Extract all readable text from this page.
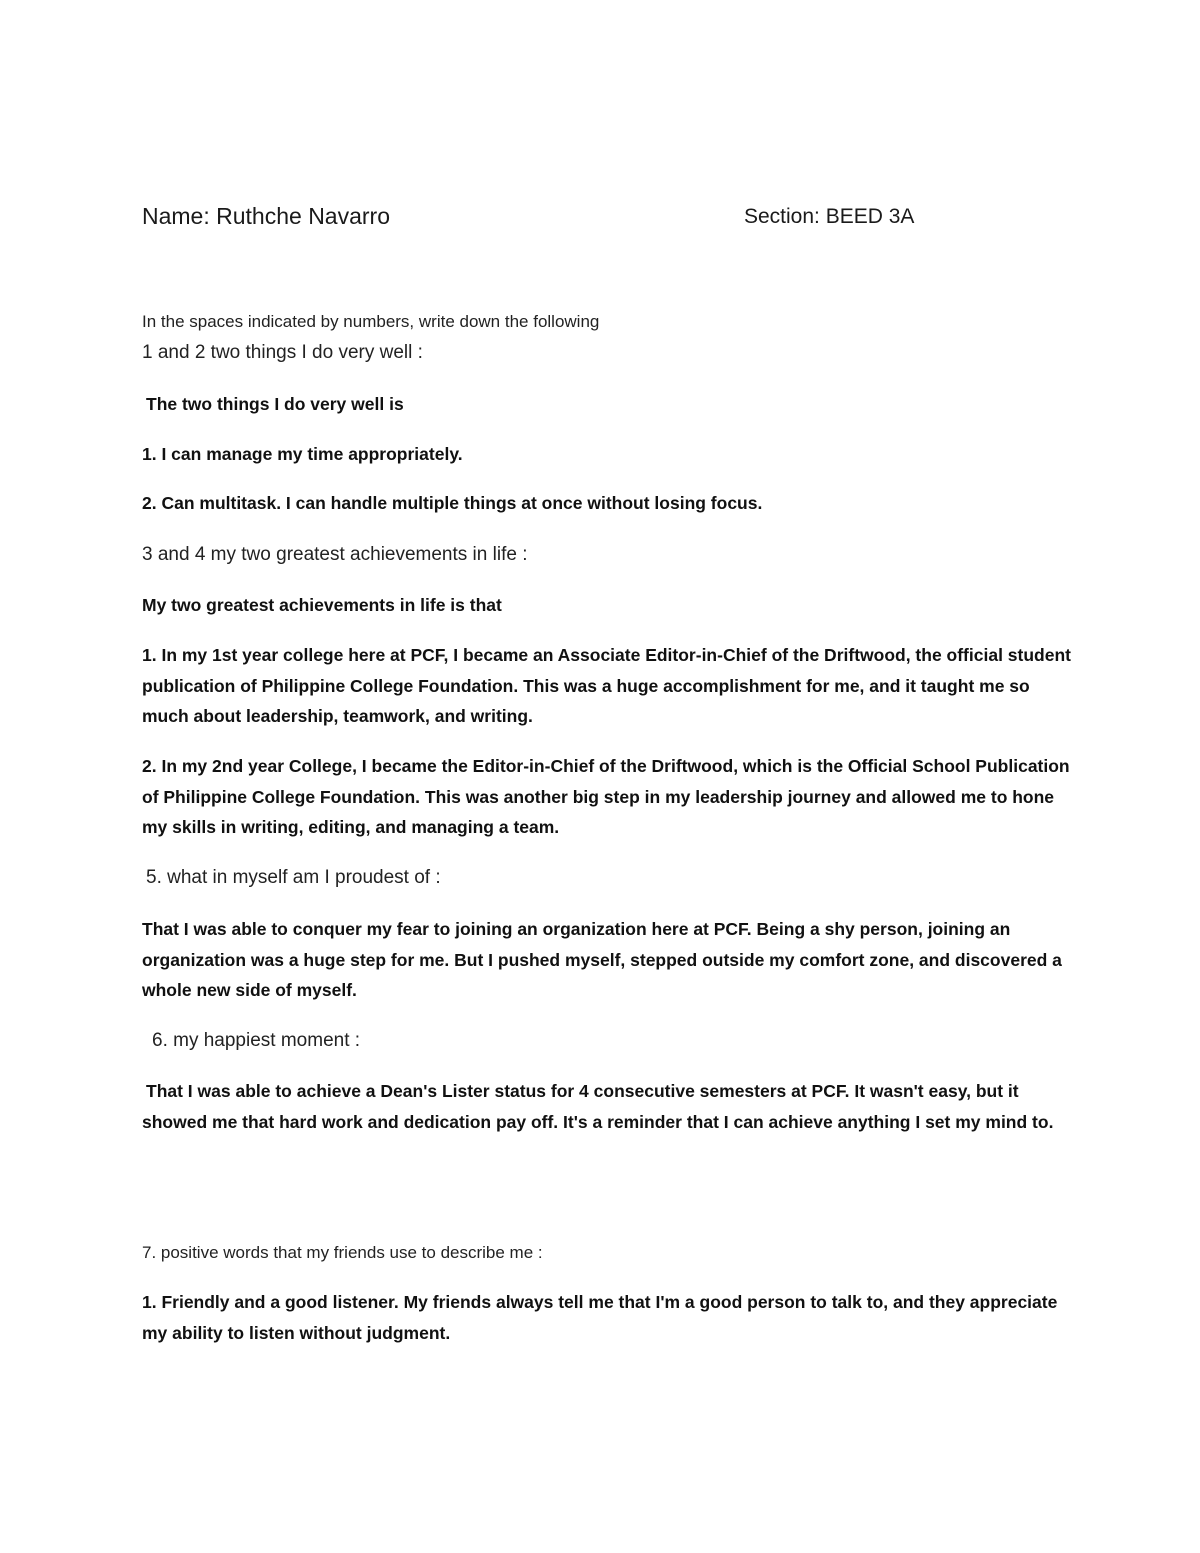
Name: Ruthche Navarro	Section: BEED 3A
In the spaces indicated by numbers, write down the following
1 and 2 two things I do very well :
The two things I do very well is
1. I can manage my time appropriately.
2. Can multitask. I can handle multiple things at once without losing focus.
3 and 4 my two greatest achievements in life :
My two greatest achievements in life is that
1. In my 1st year college here at PCF, I became an Associate Editor-in-Chief of the Driftwood, the official student publication of Philippine College Foundation. This was a huge accomplishment for me, and it taught me so much about leadership, teamwork, and writing.
2. In my 2nd year College, I became the Editor-in-Chief of the Driftwood, which is the Official School Publication of Philippine College Foundation. This was another big step in my leadership journey and allowed me to hone my skills in writing, editing, and managing a team.
5. what in myself am I proudest of :
That I was able to conquer my fear to joining an organization here at PCF. Being a shy person, joining an organization was a huge step for me. But I pushed myself, stepped outside my comfort zone, and discovered a whole new side of myself.
6. my happiest moment :
That I was able to achieve a Dean's Lister status for 4 consecutive semesters at PCF. It wasn't easy, but it showed me that hard work and dedication pay off. It's a reminder that I can achieve anything I set my mind to.
7. positive words that my friends use to describe me :
1. Friendly and a good listener. My friends always tell me that I'm a good person to talk to, and they appreciate my ability to listen without judgment.
